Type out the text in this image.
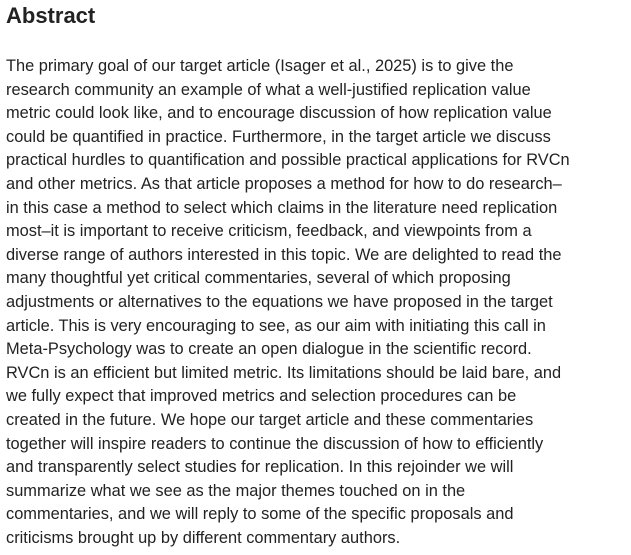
Abstract

The primary goal of our target article (Isager et al., 2025) is to give the
research community an example of what a well-justified replication value
metric could look like, and to encourage discussion of how replication value
could be quantified in practice. Furthermore, in the target article we discuss
practical hurdles to quantification and possible practical applications for RVCn
and other metrics. As that article proposes a method for how to do research–
in this case a method to select which claims in the literature need replication
most–it is important to receive criticism, feedback, and viewpoints from a
diverse range of authors interested in this topic. We are delighted to read the
many thoughtful yet critical commentaries, several of which proposing
adjustments or alternatives to the equations we have proposed in the target
article. This is very encouraging to see, as our aim with initiating this call in
Meta-Psychology was to create an open dialogue in the scientific record.
RVCn is an efficient but limited metric. Its limitations should be laid bare, and
we fully expect that improved metrics and selection procedures can be
created in the future. We hope our target article and these commentaries
together will inspire readers to continue the discussion of how to efficiently
and transparently select studies for replication. In this rejoinder we will
summarize what we see as the major themes touched on in the
commentaries, and we will reply to some of the specific proposals and
criticisms brought up by different commentary authors.
